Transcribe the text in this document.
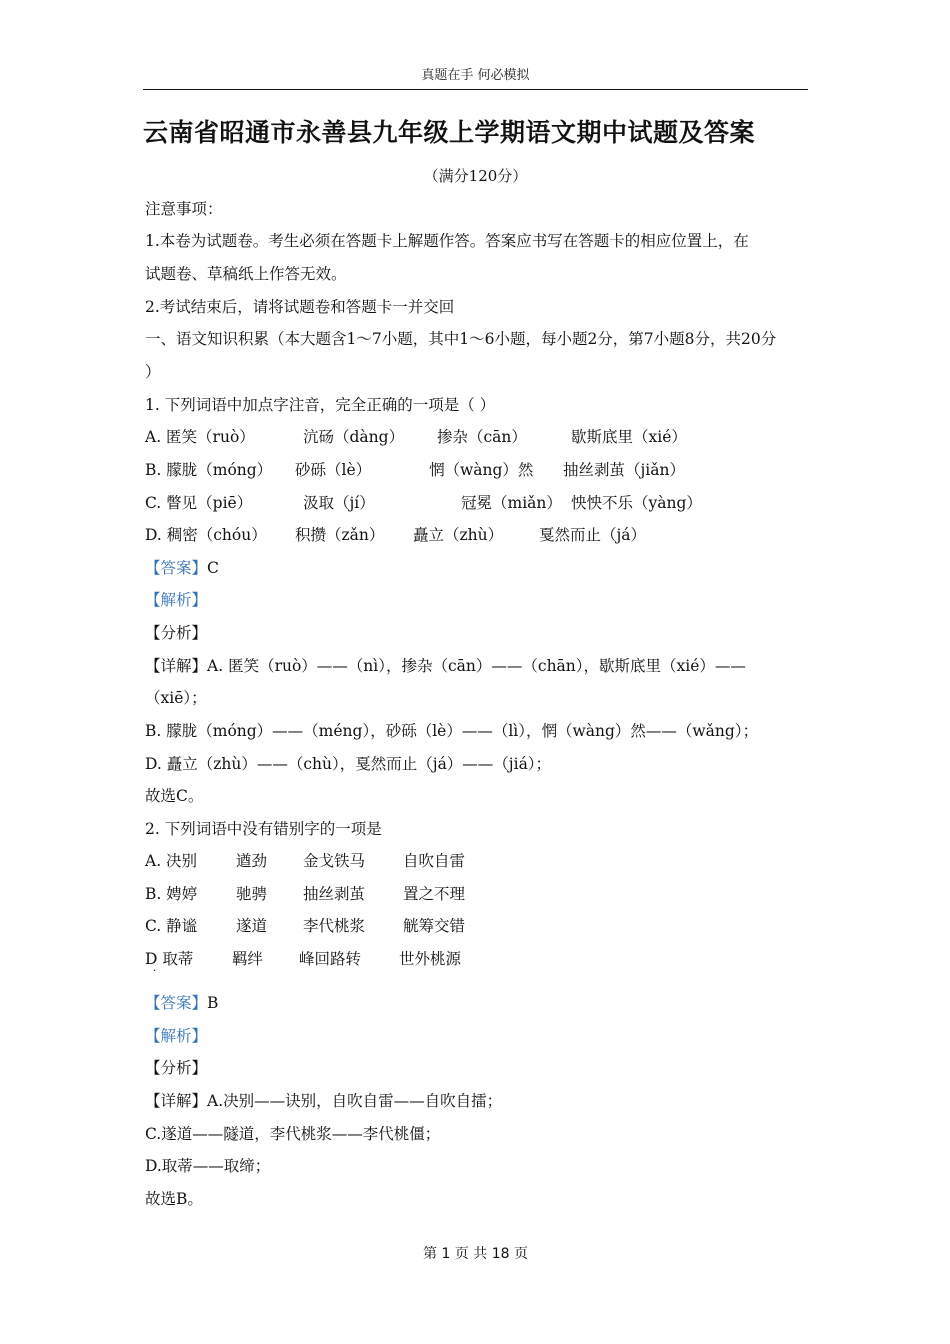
真题在手 何必模拟
云南省昭通市永善县九年级上学期语文期中试题及答案
（满分120分）
注意事项：
1.本卷为试题卷。考生必须在答题卡上解题作答。答案应书写在答题卡的相应位置上，在
试题卷、草稿纸上作答无效。
2.考试结束后，请将试题卷和答题卡一并交回
一、语文知识积累（本大题含1～7小题，其中1～6小题，每小题2分，第7小题8分，共20分
）
1. 下列词语中加点字注音，完全正确的一项是（ ）
A. 匿笑（ruò）	沆砀（dàng） 掺杂（cān）	歇斯底里（xié）
B. 朦胧（móng） 砂砾（lè）	惘（wàng）然 抽丝剥茧（jiǎn）
C. 瞥见（piē）	汲取（jí）	冠冕（miǎn） 怏怏不乐（yàng）
D. 稠密（chóu） 积攒（zǎn） 矗立（zhù） 戛然而止（já）
【答案】C
【解析】
【分析】
【详解】A. 匿笑（ruò）——（nì），掺杂（cān）——（chān），歇斯底里（xié）——
（xiē）；
B. 朦胧（móng）——（méng），砂砾（lè）——（lì），惘（wàng）然——（wǎng）；
D. 矗立（zhù）——（chù），戛然而止（já）——（jiá）；
故选C。
2. 下列词语中没有错别字的一项是
A. 决别	遒劲 金戈铁马 自吹自雷
B. 娉婷	驰骋 抽丝剥茧 置之不理
C. 静谧	遂道 李代桃浆 觥筹交错
D 取蒂 羁绊 峰回路转 世外桃源
·
【答案】B
【解析】
【分析】
【详解】A.决别——诀别，自吹自雷——自吹自擂；
C.遂道——隧道，李代桃浆——李代桃僵；
D.取蒂——取缔；
故选B。
第 1 页 共 18 页
